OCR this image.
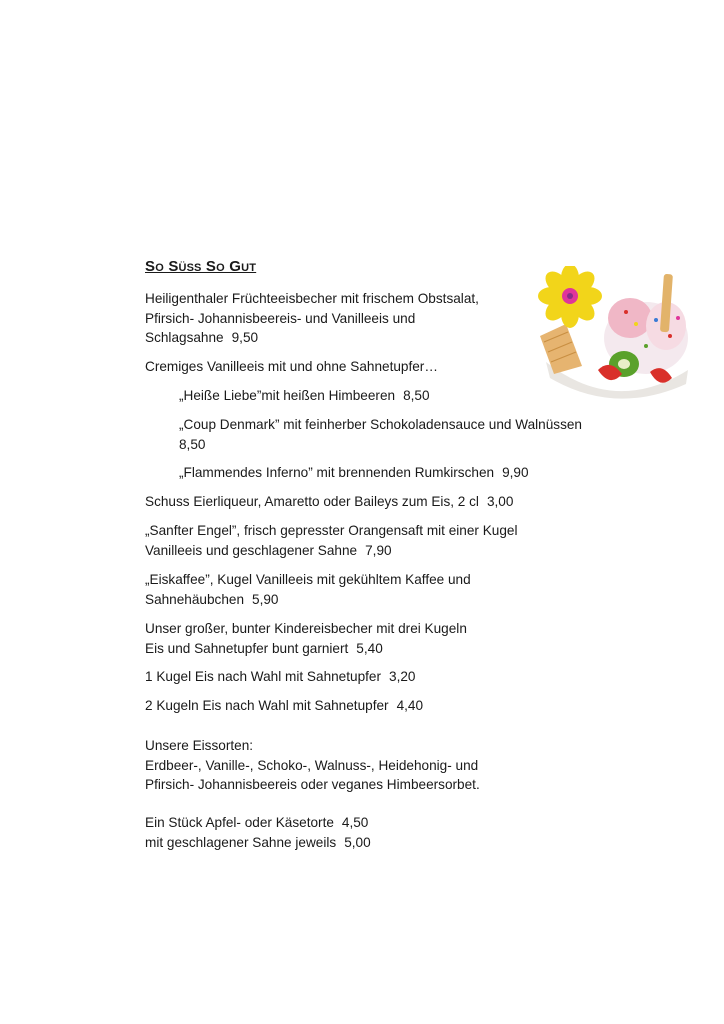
So Süß So Gut
Heiligenthaler Früchteeisbecher mit frischem Obstsalat,
Pfirsich- Johannisbeereis- und Vanilleeis und
Schlagsahne 9,50
Cremiges Vanilleeis mit und ohne Sahnetupfer…
„Heiße Liebe”mit heißen Himbeeren 8,50
„Coup Denmark” mit feinherber Schokoladensauce und Walnüssen
8,50
„Flammendes Inferno” mit brennenden Rumkirschen 9,90
Schuss Eierliqueur, Amaretto oder Baileys zum Eis, 2 cl 3,00
„Sanfter Engel”, frisch gepresster Orangensaft mit einer Kugel
Vanilleeis und geschlagener Sahne 7,90
„Eiskaffee”, Kugel Vanilleeis mit gekühltem Kaffee und
Sahnehäubchen 5,90
Unser großer, bunter Kindereisbecher mit drei Kugeln
Eis und Sahnetupfer bunt garniert 5,40
1 Kugel Eis nach Wahl mit Sahnetupfer 3,20
2 Kugeln Eis nach Wahl mit Sahnetupfer 4,40
Unsere Eissorten:
Erdbeer-, Vanille-, Schoko-, Walnuss-, Heidehonig- und
Pfirsich- Johannisbeereis oder veganes Himbeersorbet.
Ein Stück Apfel- oder Käsetorte 4,50
mit geschlagener Sahne jeweils 5,00
